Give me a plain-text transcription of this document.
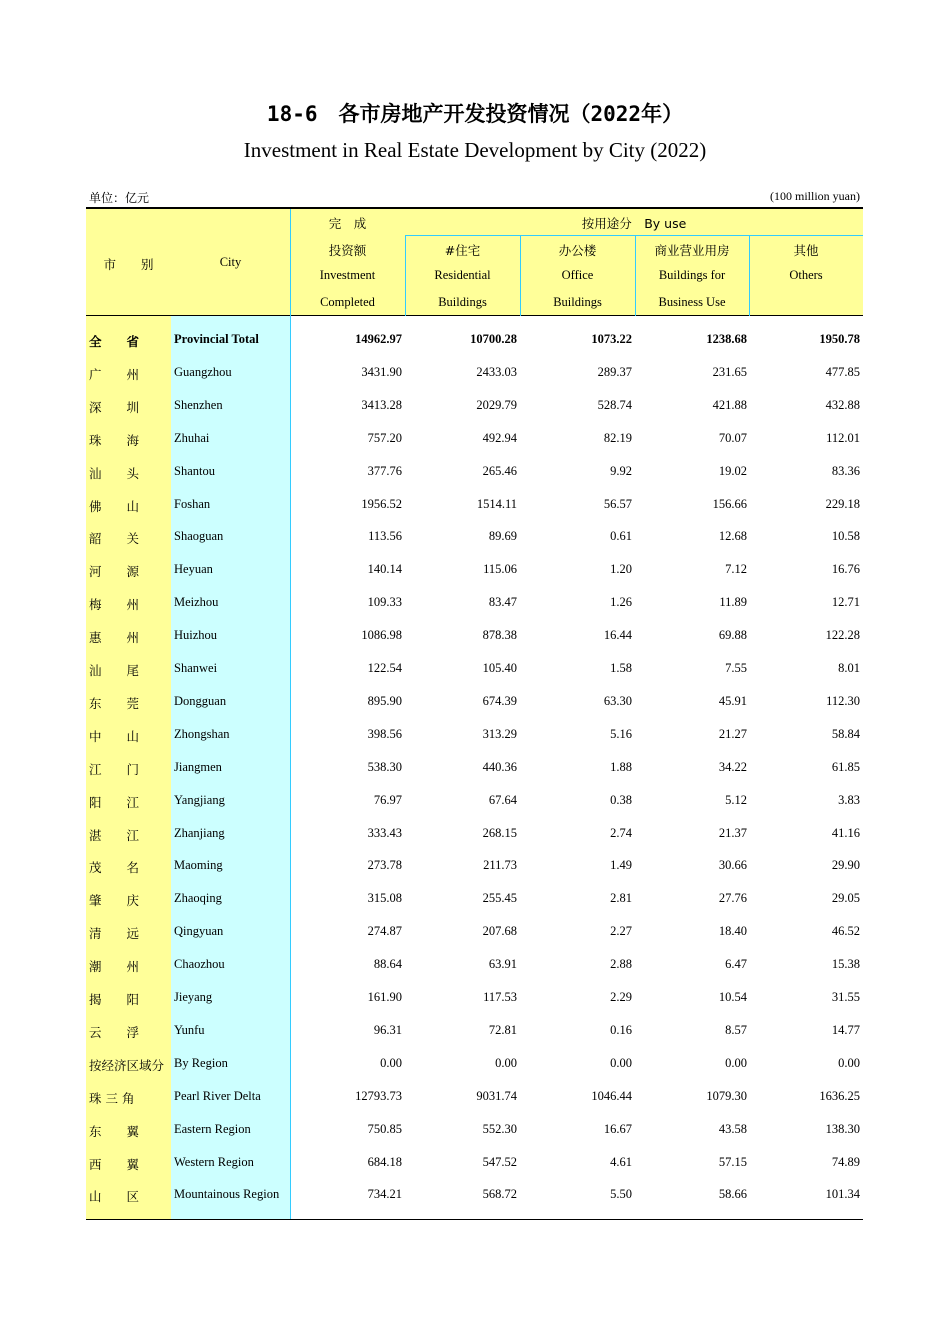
18-6　各市房地产开发投资情况（2022年）
Investment in Real Estate Development by City (2022)
单位：亿元	(100 million yuan)
市　　别	City
完　成
投资额
Investment
Completed
按用途分　By use
#住宅
Residential
Buildings
办公楼
Office
Buildings
商业营业用房
Buildings for
Business Use
其他
Others
全　　省	Provincial Total	14962.97	10700.28	1073.22	1238.68	1950.78
广　　州	Guangzhou	3431.90	2433.03	289.37	231.65	477.85
深　　圳	Shenzhen	3413.28	2029.79	528.74	421.88	432.88
珠　　海	Zhuhai	757.20	492.94	82.19	70.07	112.01
汕　　头	Shantou	377.76	265.46	9.92	19.02	83.36
佛　　山	Foshan	1956.52	1514.11	56.57	156.66	229.18
韶　　关	Shaoguan	113.56	89.69	0.61	12.68	10.58
河　　源	Heyuan	140.14	115.06	1.20	7.12	16.76
梅　　州	Meizhou	109.33	83.47	1.26	11.89	12.71
惠　　州	Huizhou	1086.98	878.38	16.44	69.88	122.28
汕　　尾	Shanwei	122.54	105.40	1.58	7.55	8.01
东　　莞	Dongguan	895.90	674.39	63.30	45.91	112.30
中　　山	Zhongshan	398.56	313.29	5.16	21.27	58.84
江　　门	Jiangmen	538.30	440.36	1.88	34.22	61.85
阳　　江	Yangjiang	76.97	67.64	0.38	5.12	3.83
湛　　江	Zhanjiang	333.43	268.15	2.74	21.37	41.16
茂　　名	Maoming	273.78	211.73	1.49	30.66	29.90
肇　　庆	Zhaoqing	315.08	255.45	2.81	27.76	29.05
清　　远	Qingyuan	274.87	207.68	2.27	18.40	46.52
潮　　州	Chaozhou	88.64	63.91	2.88	6.47	15.38
揭　　阳	Jieyang	161.90	117.53	2.29	10.54	31.55
云　　浮	Yunfu	96.31	72.81	0.16	8.57	14.77
按经济区域分 By Region	0.00	0.00	0.00	0.00	0.00
珠 三 角	Pearl River Delta	12793.73	9031.74	1046.44	1079.30	1636.25
东　　翼	Eastern Region	750.85	552.30	16.67	43.58	138.30
西　　翼	Western Region	684.18	547.52	4.61	57.15	74.89
山　　区	Mountainous Region	734.21	568.72	5.50	58.66	101.34
